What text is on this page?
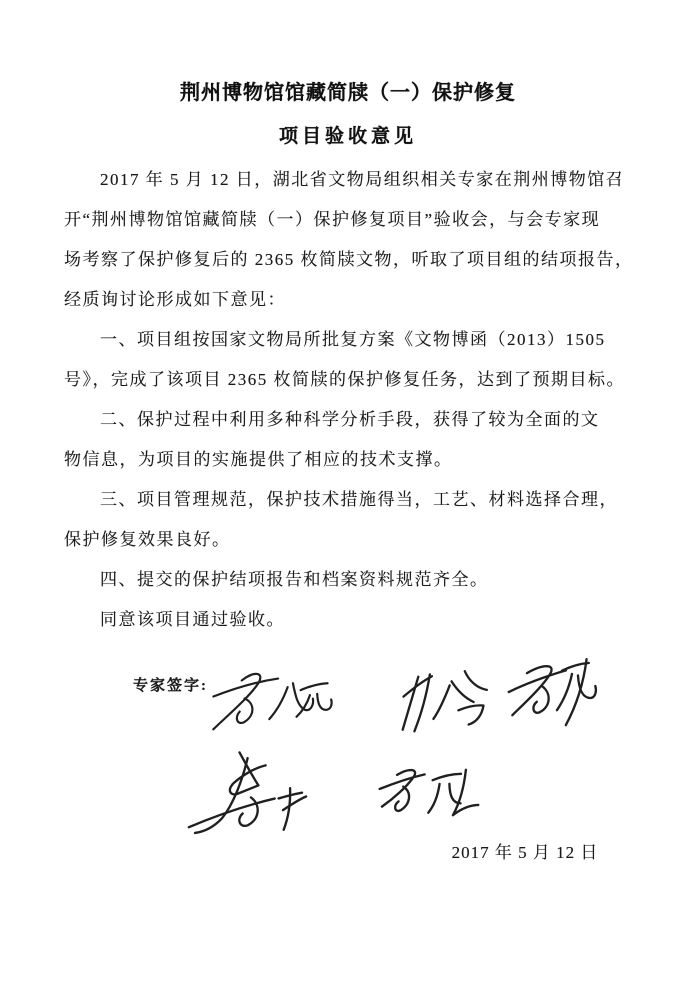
荆州博物馆馆藏简牍（一）保护修复
项目验收意见
2017 年 5 月 12 日，湖北省文物局组织相关专家在荆州博物馆召
开“荆州博物馆馆藏简牍（一）保护修复项目”验收会，与会专家现
场考察了保护修复后的 2365 枚简牍文物，听取了项目组的结项报告，
经质询讨论形成如下意见：
一、项目组按国家文物局所批复方案《文物博函（2013）1505
号》，完成了该项目 2365 枚简牍的保护修复任务，达到了预期目标。
二、保护过程中利用多种科学分析手段，获得了较为全面的文
物信息，为项目的实施提供了相应的技术支撑。
三、项目管理规范，保护技术措施得当，工艺、材料选择合理，
保护修复效果良好。
四、提交的保护结项报告和档案资料规范齐全。
同意该项目通过验收。
专家签字:
2017 年 5 月 12 日
